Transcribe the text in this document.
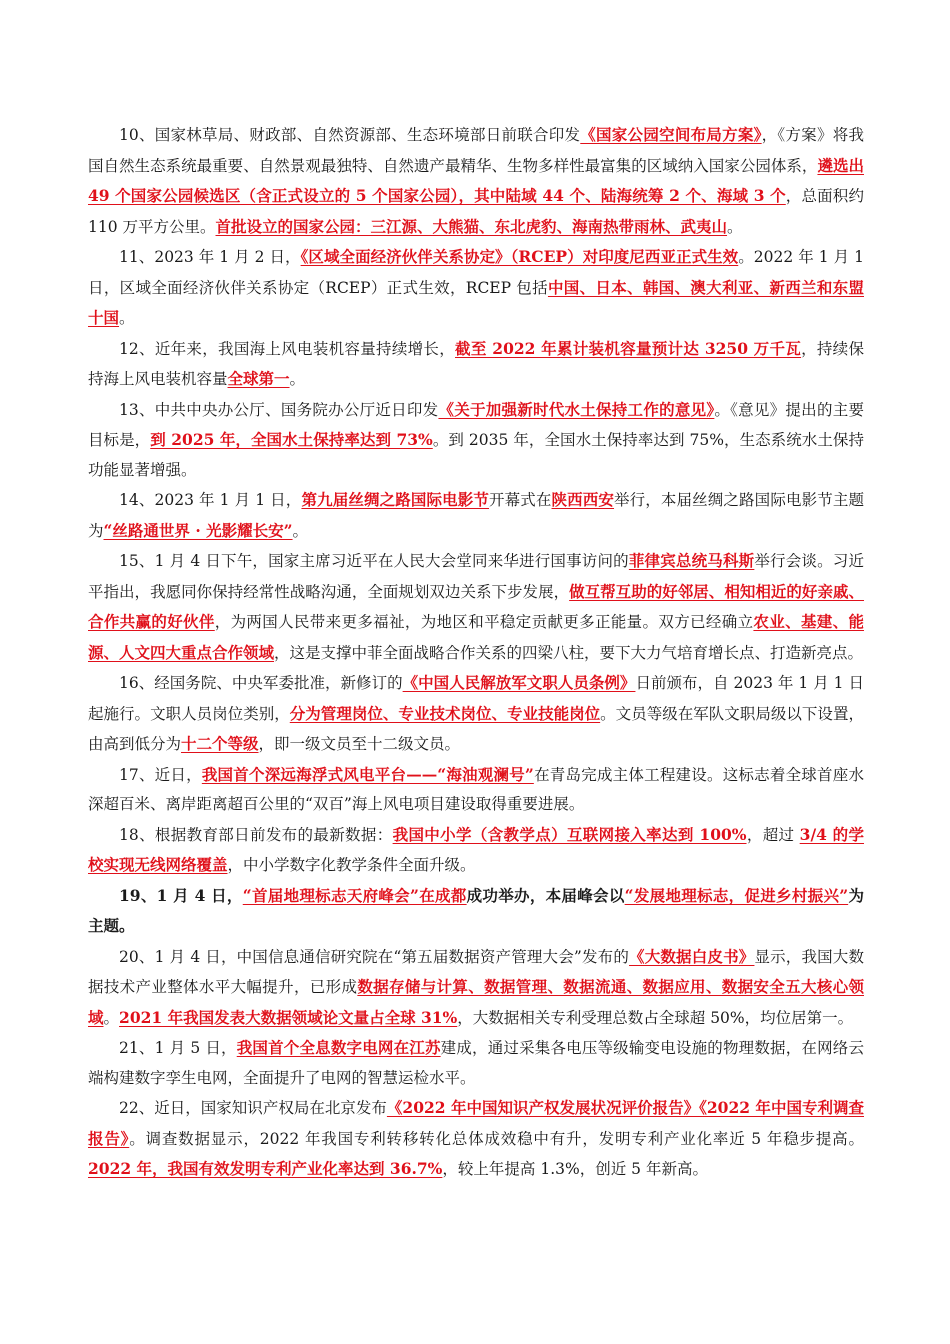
10、国家林草局、财政部、自然资源部、生态环境部日前联合印发《国家公园空间布局方案》，《方案》将我国自然生态系统最重要、自然景观最独特、自然遗产最精华、生物多样性最富集的区域纳入国家公园体系，遴选出 49 个国家公园候选区（含正式设立的 5 个国家公园），其中陆域 44 个、陆海统筹 2 个、海域 3 个，总面积约 110 万平方公里。首批设立的国家公园：三江源、大熊猫、东北虎豹、海南热带雨林、武夷山。

11、2023 年 1 月 2 日，《区域全面经济伙伴关系协定》（RCEP）对印度尼西亚正式生效。2022 年 1 月 1 日，区域全面经济伙伴关系协定（RCEP）正式生效，RCEP 包括中国、日本、韩国、澳大利亚、新西兰和东盟十国。

12、近年来，我国海上风电装机容量持续增长，截至 2022 年累计装机容量预计达 3250 万千瓦，持续保持海上风电装机容量全球第一。

13、中共中央办公厅、国务院办公厅近日印发《关于加强新时代水土保持工作的意见》。《意见》提出的主要目标是，到 2025 年，全国水土保持率达到 73%。到 2035 年，全国水土保持率达到 75%，生态系统水土保持功能显著增强。

14、2023 年 1 月 1 日，第九届丝绸之路国际电影节开幕式在陕西西安举行，本届丝绸之路国际电影节主题为“丝路通世界 · 光影耀长安”。

15、1 月 4 日下午，国家主席习近平在人民大会堂同来华进行国事访问的菲律宾总统马科斯举行会谈。习近平指出，我愿同你保持经常性战略沟通，全面规划双边关系下步发展，做互帮互助的好邻居、相知相近的好亲戚、合作共赢的好伙伴，为两国人民带来更多福祉，为地区和平稳定贡献更多正能量。双方已经确立农业、基建、能源、人文四大重点合作领域，这是支撑中菲全面战略合作关系的四梁八柱，要下大力气培育增长点、打造新亮点。

16、经国务院、中央军委批准，新修订的《中国人民解放军文职人员条例》日前颁布，自 2023 年 1 月 1 日起施行。文职人员岗位类别，分为管理岗位、专业技术岗位、专业技能岗位。文员等级在军队文职局级以下设置，由高到低分为十二个等级，即一级文员至十二级文员。

17、近日，我国首个深远海浮式风电平台——“海油观澜号”在青岛完成主体工程建设。这标志着全球首座水深超百米、离岸距离超百公里的“双百”海上风电项目建设取得重要进展。

18、根据教育部日前发布的最新数据：我国中小学（含教学点）互联网接入率达到 100%，超过 3/4 的学校实现无线网络覆盖，中小学数字化教学条件全面升级。

19、1 月 4 日，“首届地理标志天府峰会”在成都成功举办，本届峰会以“发展地理标志，促进乡村振兴”为主题。

20、1 月 4 日，中国信息通信研究院在“第五届数据资产管理大会”发布的《大数据白皮书》显示，我国大数据技术产业整体水平大幅提升，已形成数据存储与计算、数据管理、数据流通、数据应用、数据安全五大核心领域。2021 年我国发表大数据领域论文量占全球 31%，大数据相关专利受理总数占全球超 50%，均位居第一。

21、1 月 5 日，我国首个全息数字电网在江苏建成，通过采集各电压等级输变电设施的物理数据，在网络云端构建数字孪生电网，全面提升了电网的智慧运检水平。

22、近日，国家知识产权局在北京发布《2022 年中国知识产权发展状况评价报告》《2022 年中国专利调查报告》。调查数据显示，2022 年我国专利转移转化总体成效稳中有升，发明专利产业化率近 5 年稳步提高。2022 年，我国有效发明专利产业化率达到 36.7%，较上年提高 1.3%，创近 5 年新高。
